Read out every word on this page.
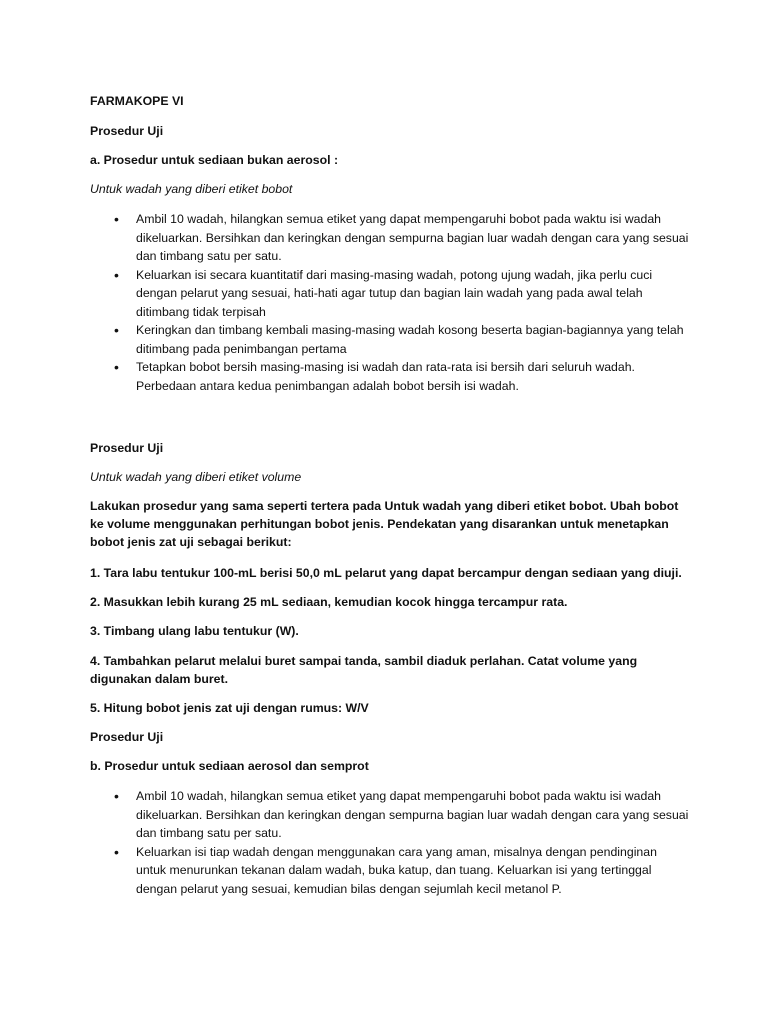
FARMAKOPE VI

Prosedur Uji

a. Prosedur untuk sediaan bukan aerosol :

Untuk wadah yang diberi etiket bobot

• Ambil 10 wadah, hilangkan semua etiket yang dapat mempengaruhi bobot pada waktu isi wadah dikeluarkan. Bersihkan dan keringkan dengan sempurna bagian luar wadah dengan cara yang sesuai dan timbang satu per satu.
• Keluarkan isi secara kuantitatif dari masing-masing wadah, potong ujung wadah, jika perlu cuci dengan pelarut yang sesuai, hati-hati agar tutup dan bagian lain wadah yang pada awal telah ditimbang tidak terpisah
• Keringkan dan timbang kembali masing-masing wadah kosong beserta bagian-bagiannya yang telah ditimbang pada penimbangan pertama
• Tetapkan bobot bersih masing-masing isi wadah dan rata-rata isi bersih dari seluruh wadah. Perbedaan antara kedua penimbangan adalah bobot bersih isi wadah.

Prosedur Uji

Untuk wadah yang diberi etiket volume

Lakukan prosedur yang sama seperti tertera pada Untuk wadah yang diberi etiket bobot. Ubah bobot ke volume menggunakan perhitungan bobot jenis. Pendekatan yang disarankan untuk menetapkan bobot jenis zat uji sebagai berikut:

1. Tara labu tentukur 100-mL berisi 50,0 mL pelarut yang dapat bercampur dengan sediaan yang diuji.

2. Masukkan lebih kurang 25 mL sediaan, kemudian kocok hingga tercampur rata.

3. Timbang ulang labu tentukur (W).

4. Tambahkan pelarut melalui buret sampai tanda, sambil diaduk perlahan. Catat volume yang digunakan dalam buret.

5. Hitung bobot jenis zat uji dengan rumus: W/V

Prosedur Uji

b. Prosedur untuk sediaan aerosol dan semprot

• Ambil 10 wadah, hilangkan semua etiket yang dapat mempengaruhi bobot pada waktu isi wadah dikeluarkan. Bersihkan dan keringkan dengan sempurna bagian luar wadah dengan cara yang sesuai dan timbang satu per satu.
• Keluarkan isi tiap wadah dengan menggunakan cara yang aman, misalnya dengan pendinginan untuk menurunkan tekanan dalam wadah, buka katup, dan tuang. Keluarkan isi yang tertinggal dengan pelarut yang sesuai, kemudian bilas dengan sejumlah kecil metanol P.
